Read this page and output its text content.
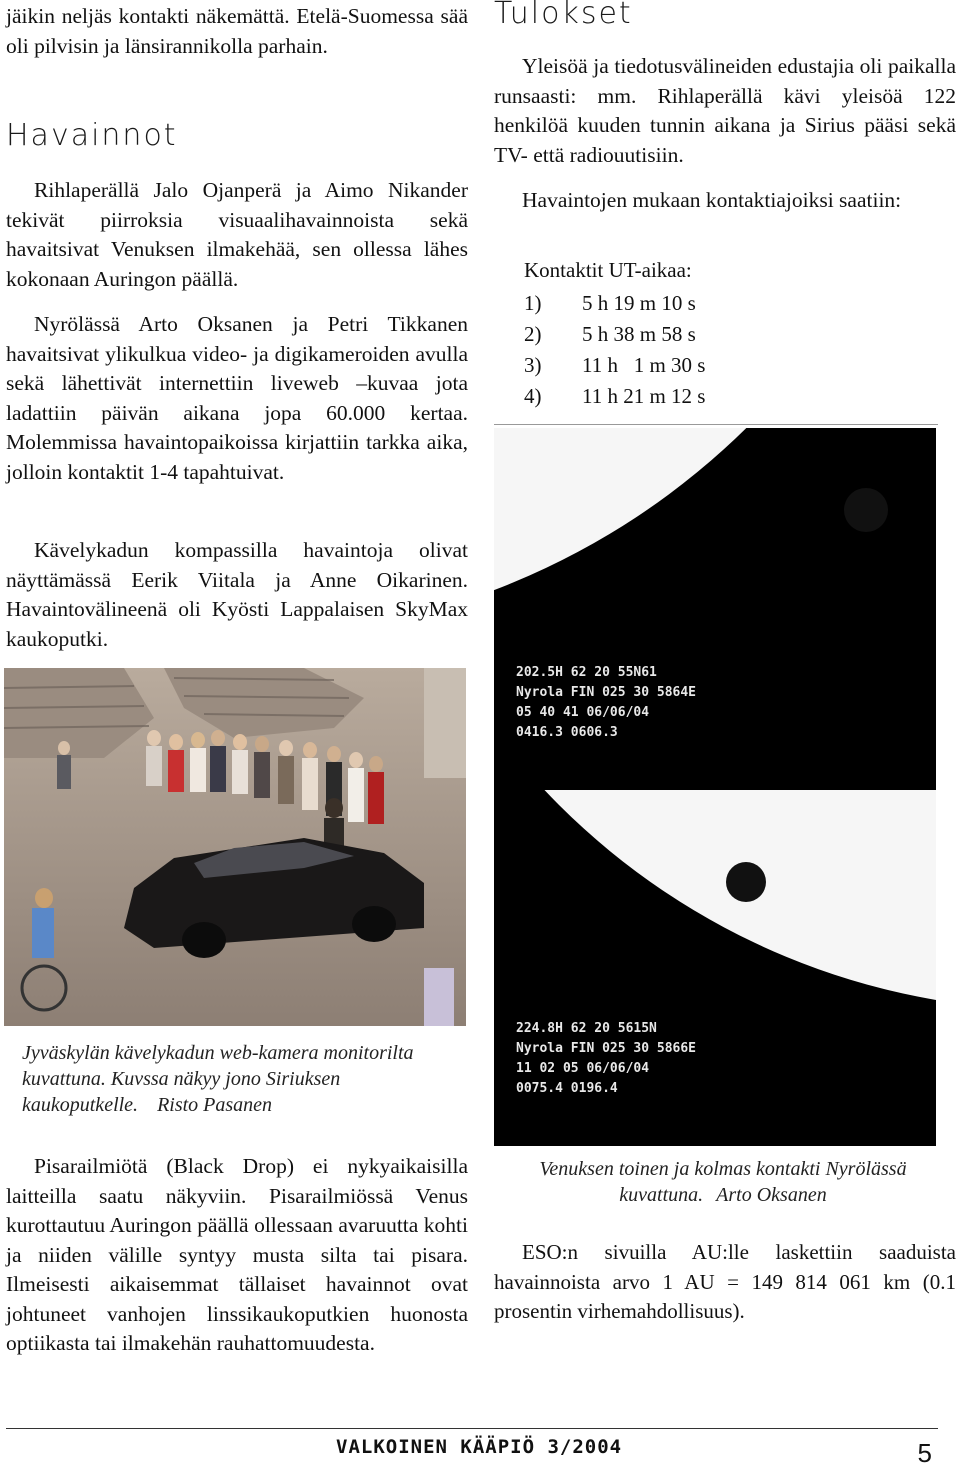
jäikin neljäs kontakti näkemättä. Etelä-Suomessa sää oli pilvisin ja länsirannikolla parhain.

Havainnot

Rihlaperällä Jalo Ojanperä ja Aimo Nikander tekivät piirroksia visuaalihavainnoista sekä havaitsivat Venuksen ilmakehää, sen ollessa lähes kokonaan Auringon päällä.

Nyrölässä Arto Oksanen ja Petri Tikkanen havaitsivat ylikulkua video- ja digikameroiden avulla sekä lähettivät internettiin liveweb –kuvaa jota ladattiin päivän aikana jopa 60.000 kertaa. Molemmissa havaintopaikoissa kirjattiin tarkka aika, jolloin kontaktit 1-4 tapahtuivat.

Kävelykadun kompassilla havaintoja olivat näyttämässä Eerik Viitala ja Anne Oikarinen. Havaintovälineenä oli Kyösti Lappalaisen SkyMax kaukoputki.

Jyväskylän kävelykadun web-kamera monitorilta kuvattuna. Kuvssa näkyy jono Siriuksen kaukoputkelle. Risto Pasanen

Pisarailmiötä (Black Drop) ei nykyaikaisilla laitteilla saatu näkyviin. Pisarailmiössä Venus kurottautuu Auringon päällä ollessaan avaruutta kohti ja niiden välille syntyy musta silta tai pisara. Ilmeisesti aikaisemmat tällaiset havainnot ovat johtuneet vanhojen linssikaukoputkien huonosta optiikasta tai ilmakehän rauhattomuudesta.

Tulokset

Yleisöä ja tiedotusvälineiden edustajia oli paikalla runsaasti: mm. Rihlaperällä kävi yleisöä 122 henkilöä kuuden tunnin aikana ja Sirius pääsi sekä TV- että radiouutisiin.

Havaintojen mukaan kontaktiajoiksi saatiin:

Kontaktit UT-aikaa:
1)	5 h 19 m 10 s
2)	5 h 38 m 58 s
3)	11 h   1 m 30 s
4)	11 h 21 m 12 s
202.5H 62 20 55N61
Nyrola FIN 025 30 5864E
05 40 41 06/06/04
0416.3 0606.3
224.8H 62 20 5615N
Nyrola FIN 025 30 5866E
11 02 05 06/06/04
0075.4 0196.4
Venuksen toinen ja kolmas kontakti Nyrölässä kuvattuna. Arto Oksanen

ESO:n sivuilla AU:lle laskettiin saaduista havainnoista arvo 1 AU = 149 814 061 km (0.1 prosentin virhemahdollisuus).

VALKOINEN KÄÄPIÖ 3/2004	5
